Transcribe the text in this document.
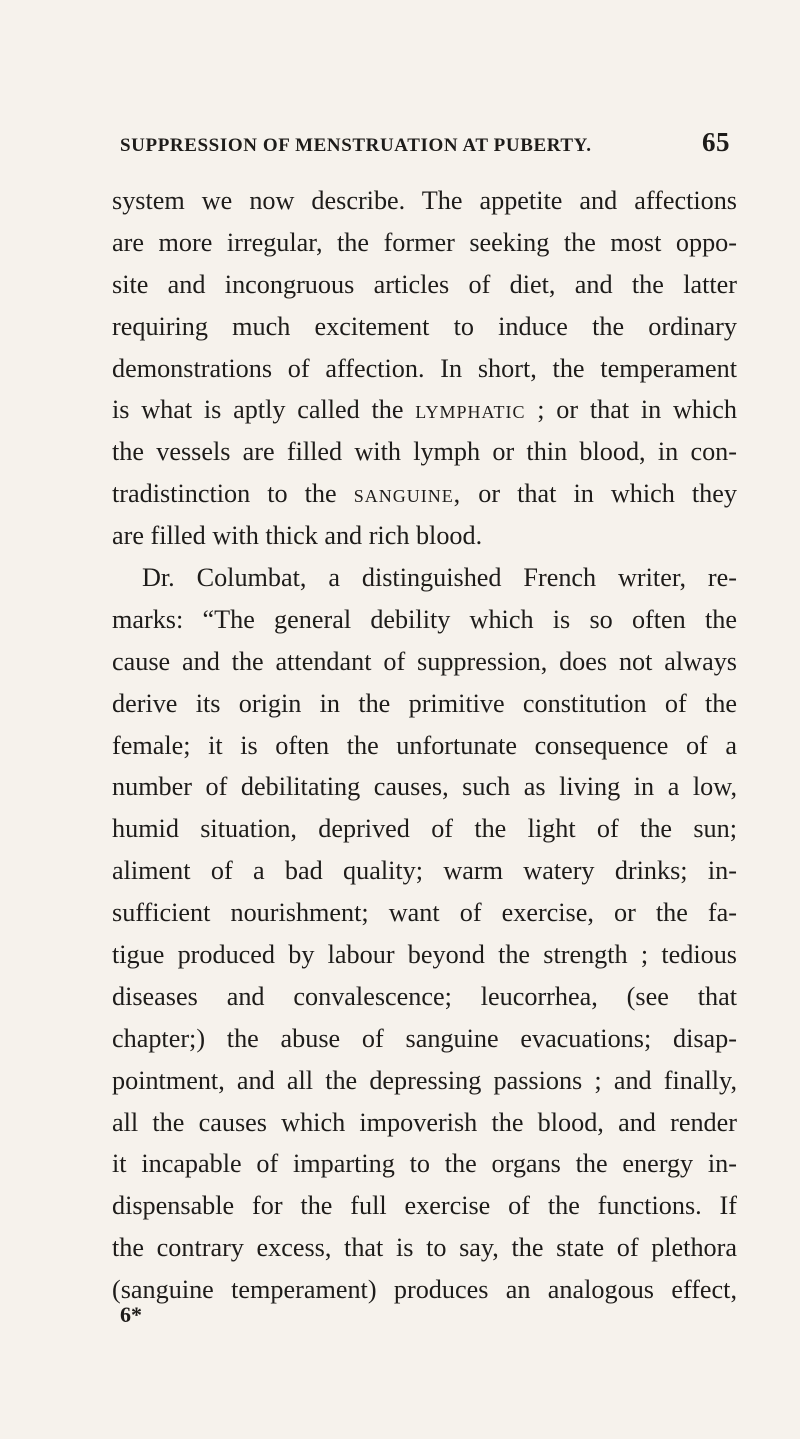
SUPPRESSION OF MENSTRUATION AT PUBERTY.	65
system we now describe. The appetite and affections
are more irregular, the former seeking the most oppo-
site and incongruous articles of diet, and the latter
requiring much excitement to induce the ordinary
demonstrations of affection. In short, the temperament
is what is aptly called the lymphatic ; or that in which
the vessels are filled with lymph or thin blood, in con-
tradistinction to the sanguine, or that in which they
are filled with thick and rich blood.
Dr. Columbat, a distinguished French writer, re-
marks: “The general debility which is so often the
cause and the attendant of suppression, does not always
derive its origin in the primitive constitution of the
female; it is often the unfortunate consequence of a
number of debilitating causes, such as living in a low,
humid situation, deprived of the light of the sun;
aliment of a bad quality; warm watery drinks; in-
sufficient nourishment; want of exercise, or the fa-
tigue produced by labour beyond the strength ; tedious
diseases and convalescence; leucorrhea, (see that
chapter;) the abuse of sanguine evacuations; disap-
pointment, and all the depressing passions ; and finally,
all the causes which impoverish the blood, and render
it incapable of imparting to the organs the energy in-
dispensable for the full exercise of the functions. If
the contrary excess, that is to say, the state of plethora
(sanguine temperament) produces an analogous effect,
6*
